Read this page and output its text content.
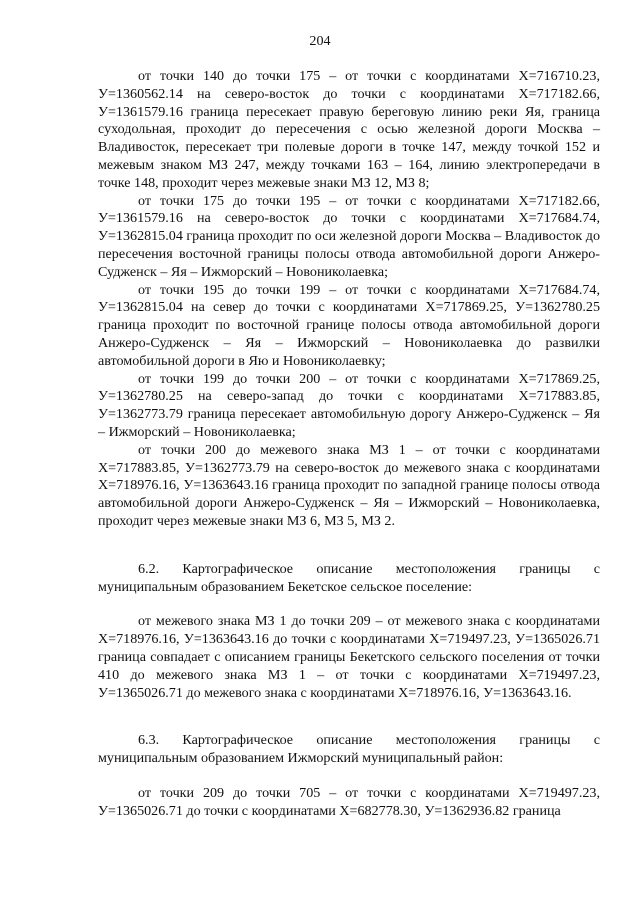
204

от точки 140 до точки 175 – от точки с координатами Х=716710.23, У=1360562.14 на северо-восток до точки с координатами Х=717182.66, У=1361579.16 граница пересекает правую береговую линию реки Яя, граница суходольная, проходит до пересечения с осью железной дороги Москва – Владивосток, пересекает три полевые дороги в точке 147, между точкой 152 и межевым знаком МЗ 247, между точками 163 – 164, линию электропередачи в точке 148, проходит через межевые знаки МЗ 12, МЗ 8;

от точки 175 до точки 195 – от точки с координатами Х=717182.66, У=1361579.16 на северо-восток до точки с координатами Х=717684.74, У=1362815.04 граница проходит по оси железной дороги Москва – Владивосток до пересечения восточной границы полосы отвода автомобильной дороги Анжеро-Судженск – Яя – Ижморский – Новониколаевка;

от точки 195 до точки 199 – от точки с координатами Х=717684.74, У=1362815.04 на север до точки с координатами Х=717869.25, У=1362780.25 граница проходит по восточной границе полосы отвода автомобильной дороги Анжеро-Судженск – Яя – Ижморский – Новониколаевка до развилки автомобильной дороги в Яю и Новониколаевку;

от точки 199 до точки 200 – от точки с координатами Х=717869.25, У=1362780.25 на северо-запад до точки с координатами Х=717883.85, У=1362773.79 граница пересекает автомобильную дорогу Анжеро-Судженск – Яя – Ижморский – Новониколаевка;

от точки 200 до межевого знака МЗ 1 – от точки с координатами Х=717883.85, У=1362773.79 на северо-восток до межевого знака с координатами Х=718976.16, У=1363643.16 граница проходит по западной границе полосы отвода автомобильной дороги Анжеро-Судженск – Яя – Ижморский – Новониколаевка, проходит через межевые знаки МЗ 6, МЗ 5, МЗ 2.

6.2. Картографическое описание местоположения границы с муниципальным образованием Бекетское сельское поселение:

от межевого знака МЗ 1 до точки 209 – от межевого знака с координатами Х=718976.16, У=1363643.16 до точки с координатами Х=719497.23, У=1365026.71 граница совпадает с описанием границы Бекетского сельского поселения от точки 410 до межевого знака МЗ 1 – от точки с координатами Х=719497.23, У=1365026.71 до межевого знака с координатами Х=718976.16, У=1363643.16.

6.3. Картографическое описание местоположения границы с муниципальным образованием Ижморский муниципальный район:

от точки 209 до точки 705 – от точки с координатами Х=719497.23, У=1365026.71 до точки с координатами Х=682778.30, У=1362936.82 граница
